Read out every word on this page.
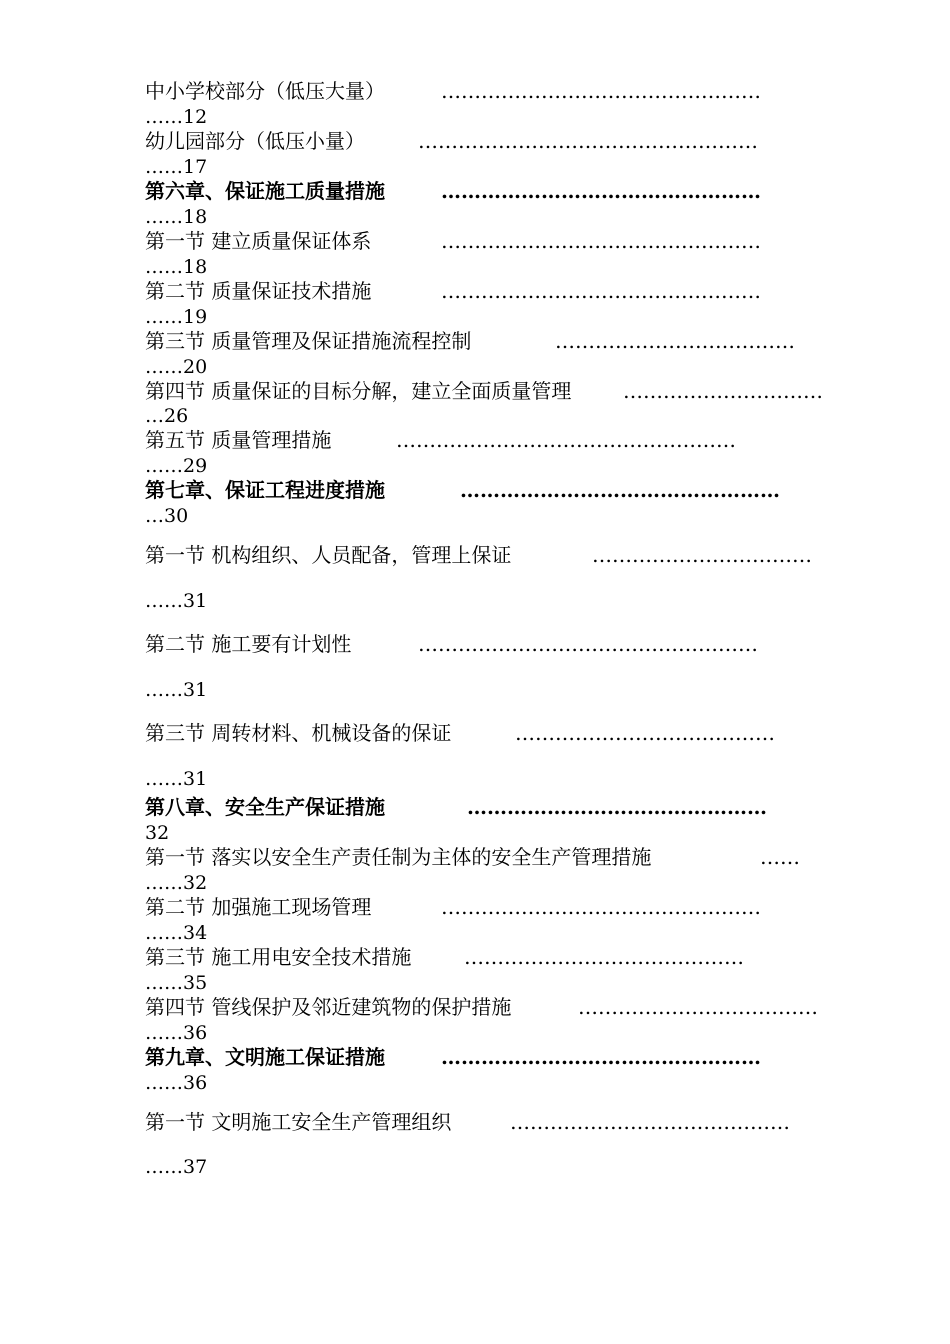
中小学校部分（低压大量）	…………………………………………
……12
幼儿园部分（低压小量）	……………………………………………
……17
第六章、保证施工质量措施	…………………………………………
……18
第一节 建立质量保证体系	…………………………………………
……18
第二节 质量保证技术措施	…………………………………………
……19
第三节 质量管理及保证措施流程控制	………………………………
……20
第四节 质量保证的目标分解，建立全面质量管理	…………………………
…26
第五节 质量管理措施	……………………………………………
……29
第七章、保证工程进度措施	…………………………………………
…30
第一节 机构组织、人员配备，管理上保证	……………………………
……31
第二节 施工要有计划性	……………………………………………
……31
第三节 周转材料、机械设备的保证	…………………………………
……31
第八章、安全生产保证措施	………………………………………
32
第一节 落实以安全生产责任制为主体的安全生产管理措施	……
……32
第二节 加强施工现场管理	…………………………………………
……34
第三节 施工用电安全技术措施	……………………………………
……35
第四节 管线保护及邻近建筑物的保护措施	………………………………
……36
第九章、文明施工保证措施	…………………………………………
……36
第一节 文明施工安全生产管理组织	……………………………………
……37
